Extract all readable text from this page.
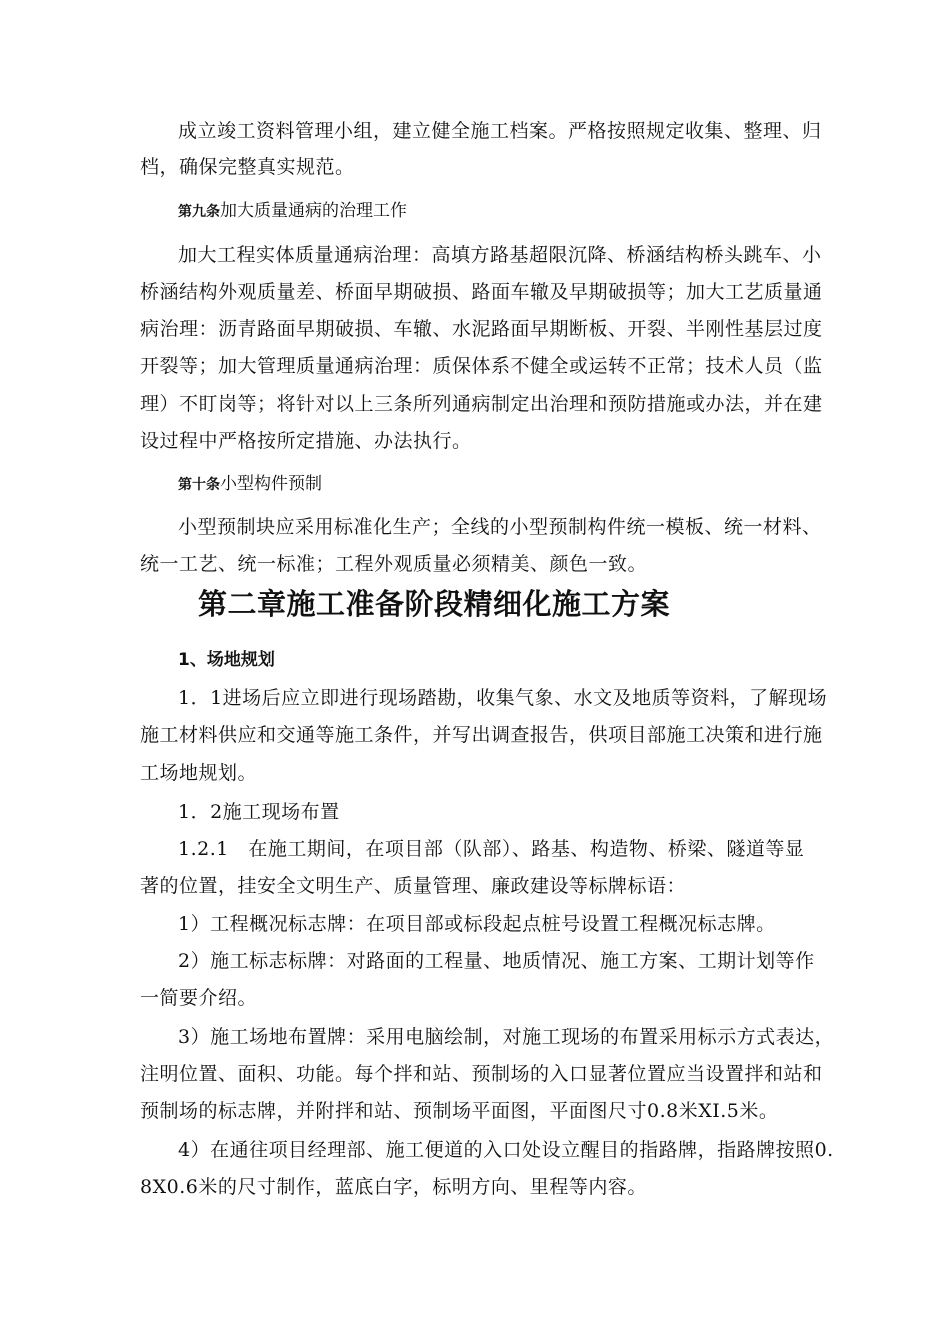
成立竣工资料管理小组，建立健全施工档案。严格按照规定收集、整理、归
档，确保完整真实规范。
第九条加大质量通病的治理工作
加大工程实体质量通病治理：高填方路基超限沉降、桥涵结构桥头跳车、小
桥涵结构外观质量差、桥面早期破损、路面车辙及早期破损等；加大工艺质量通
病治理：沥青路面早期破损、车辙、水泥路面早期断板、开裂、半刚性基层过度
开裂等；加大管理质量通病治理：质保体系不健全或运转不正常；技术人员（监
理）不盯岗等；将针对以上三条所列通病制定出治理和预防措施或办法，并在建
设过程中严格按所定措施、办法执行。
第十条小型构件预制
小型预制块应采用标准化生产；全线的小型预制构件统一模板、统一材料、
统一工艺、统一标准；工程外观质量必须精美、颜色一致。
第二章施工准备阶段精细化施工方案
1、场地规划
1．1进场后应立即进行现场踏勘，收集气象、水文及地质等资料，了解现场
施工材料供应和交通等施工条件，并写出调查报告，供项目部施工决策和进行施
工场地规划。
1．2施工现场布置
1.2.1　在施工期间，在项目部（队部）、路基、构造物、桥梁、隧道等显
著的位置，挂安全文明生产、质量管理、廉政建设等标牌标语：
1）工程概况标志牌：在项目部或标段起点桩号设置工程概况标志牌。
2）施工标志标牌：对路面的工程量、地质情况、施工方案、工期计划等作
一简要介绍。
3）施工场地布置牌：采用电脑绘制，对施工现场的布置采用标示方式表达，
注明位置、面积、功能。每个拌和站、预制场的入口显著位置应当设置拌和站和
预制场的标志牌，并附拌和站、预制场平面图，平面图尺寸0.8米XI.5米。
4）在通往项目经理部、施工便道的入口处设立醒目的指路牌，指路牌按照0.
8X0.6米的尺寸制作，蓝底白字，标明方向、里程等内容。
